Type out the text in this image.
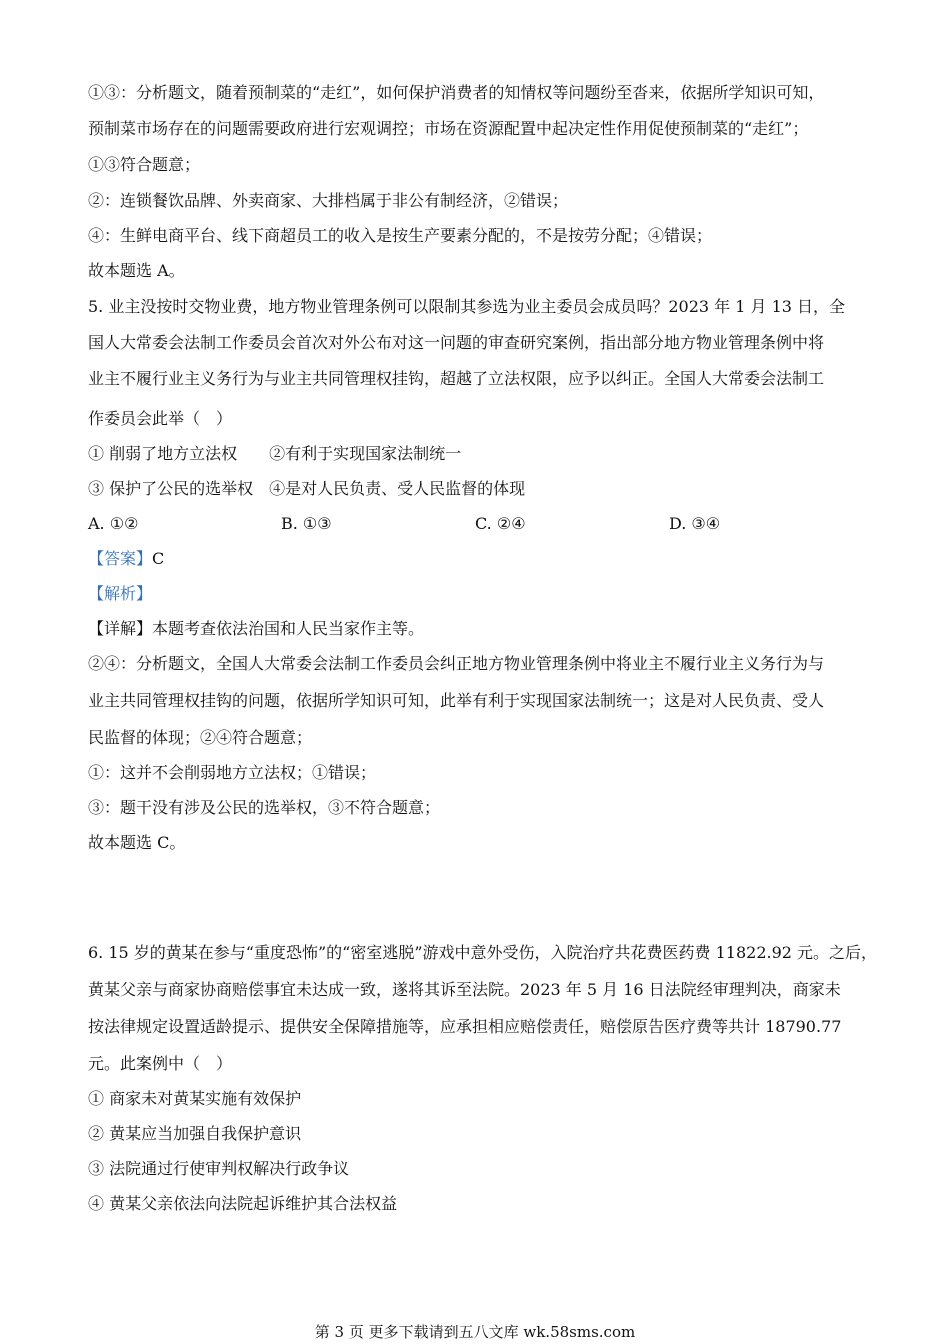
①③：分析题文，随着预制菜的“走红”，如何保护消费者的知情权等问题纷至沓来，依据所学知识可知，
预制菜市场存在的问题需要政府进行宏观调控；市场在资源配置中起决定性作用促使预制菜的“走红”；
①③符合题意；
②：连锁餐饮品牌、外卖商家、大排档属于非公有制经济，②错误；
④：生鲜电商平台、线下商超员工的收入是按生产要素分配的，不是按劳分配；④错误；
故本题选 A。
5. 业主没按时交物业费，地方物业管理条例可以限制其参选为业主委员会成员吗？2023 年 1 月 13 日，全
国人大常委会法制工作委员会首次对外公布对这一问题的审查研究案例，指出部分地方物业管理条例中将
业主不履行业主义务行为与业主共同管理权挂钩，超越了立法权限，应予以纠正。全国人大常委会法制工
作委员会此举（　）
① 削弱了地方立法权　　②有利于实现国家法制统一
③ 保护了公民的选举权　④是对人民负责、受人民监督的体现
A. ①②	B. ①③	C. ②④	D. ③④
【答案】C
【解析】
【详解】本题考查依法治国和人民当家作主等。
②④：分析题文，全国人大常委会法制工作委员会纠正地方物业管理条例中将业主不履行业主义务行为与
业主共同管理权挂钩的问题，依据所学知识可知，此举有利于实现国家法制统一；这是对人民负责、受人
民监督的体现；②④符合题意；
①：这并不会削弱地方立法权；①错误；
③：题干没有涉及公民的选举权，③不符合题意；
故本题选 C。
6. 15 岁的黄某在参与“重度恐怖”的“密室逃脱”游戏中意外受伤，入院治疗共花费医药费 11822.92 元。之后，
黄某父亲与商家协商赔偿事宜未达成一致，遂将其诉至法院。2023 年 5 月 16 日法院经审理判决，商家未
按法律规定设置适龄提示、提供安全保障措施等，应承担相应赔偿责任，赔偿原告医疗费等共计 18790.77
元。此案例中（　）
① 商家未对黄某实施有效保护
② 黄某应当加强自我保护意识
③ 法院通过行使审判权解决行政争议
④ 黄某父亲依法向法院起诉维护其合法权益
第 3 页 更多下载请到五八文库 wk.58sms.com
